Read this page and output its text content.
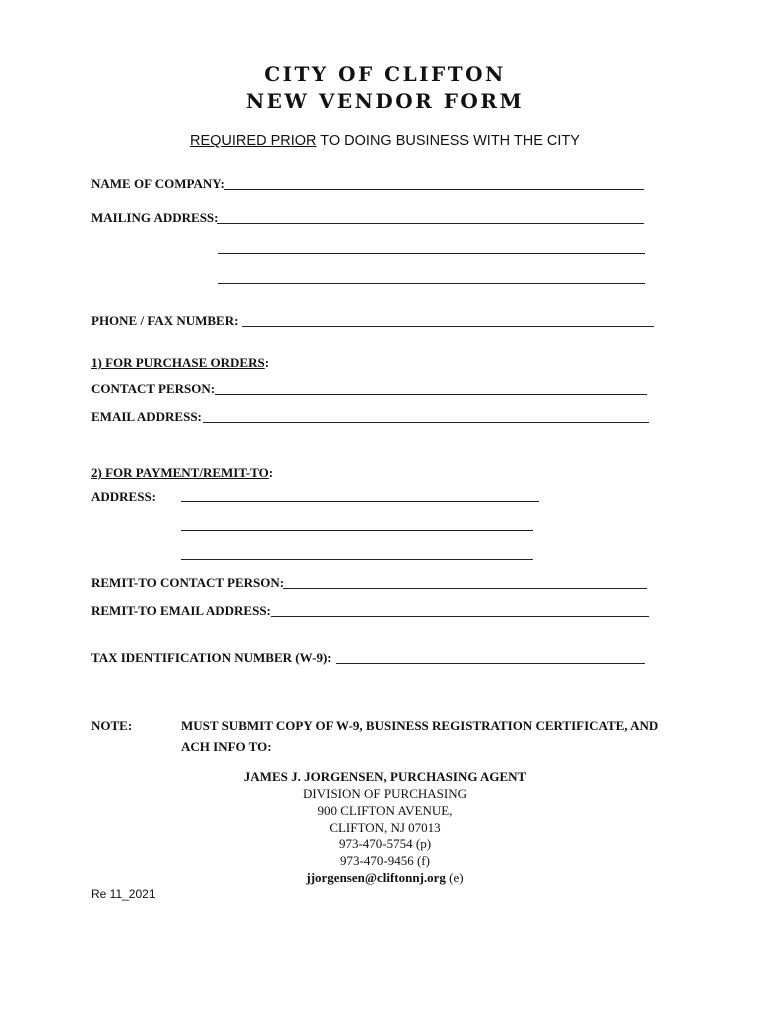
CITY OF CLIFTON
NEW VENDOR FORM
REQUIRED PRIOR TO DOING BUSINESS WITH THE CITY
NAME OF COMPANY:
MAILING ADDRESS:
PHONE / FAX NUMBER:
1) FOR PURCHASE ORDERS:
CONTACT PERSON:
EMAIL ADDRESS:
2) FOR PAYMENT/REMIT-TO:
ADDRESS:
REMIT-TO CONTACT PERSON:
REMIT-TO EMAIL ADDRESS:
TAX IDENTIFICATION NUMBER (W-9):
NOTE:	MUST SUBMIT COPY OF W-9, BUSINESS REGISTRATION CERTIFICATE, AND ACH INFO TO:
JAMES J. JORGENSEN, PURCHASING AGENT
DIVISION OF PURCHASING
900 CLIFTON AVENUE,
CLIFTON, NJ 07013
973-470-5754 (p)
973-470-9456 (f)
jjorgensen@cliftonnj.org (e)
Re 11_2021
